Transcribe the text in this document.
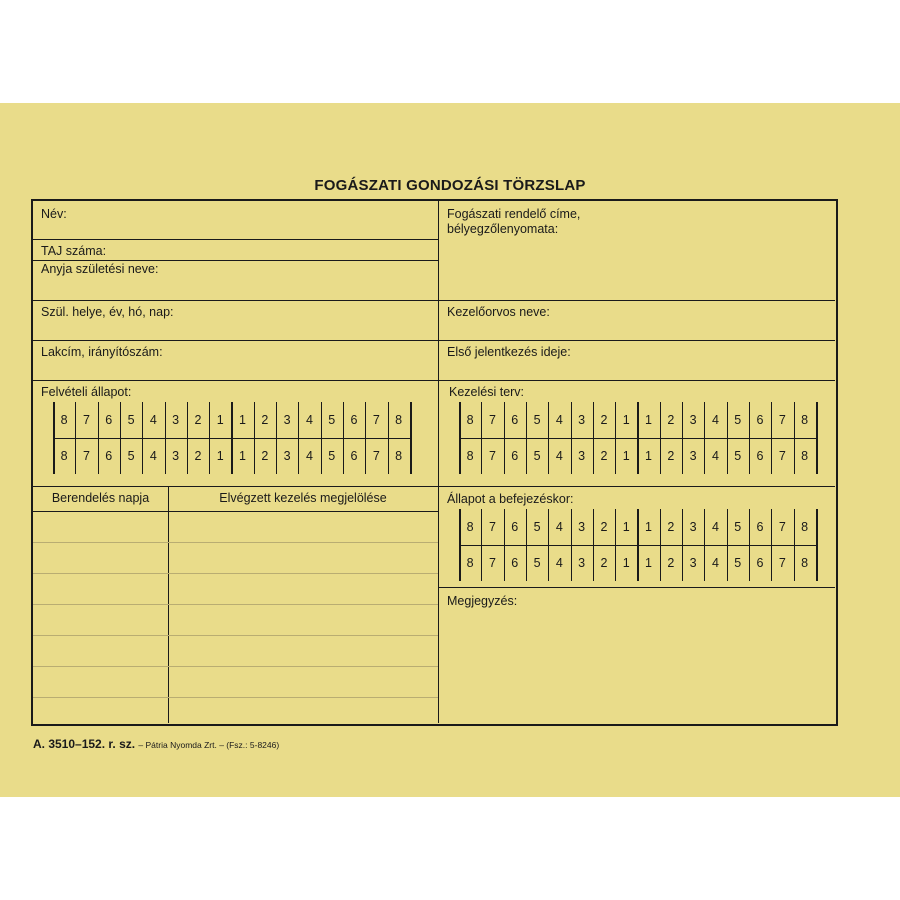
FOGÁSZATI GONDOZÁSI TÖRZSLAP
Név:
TAJ száma:
Anyja születési neve:
Szül. helye, év, hó, nap:
Lakcím, irányítószám:
Felvételi állapot:
Fogászati rendelő címe,
bélyegzőlenyomata:
Kezelőorvos neve:
Első jelentkezés ideje:
Kezelési terv:
Állapot a befejezéskor:
Megjegyzés:
Berendelés napja	Elvégzett kezelés megjelölése
8	7	6	5	4	3	2	1	1	2	3	4	5	6	7	8
8	7	6	5	4	3	2	1	1	2	3	4	5	6	7	8
8	7	6	5	4	3	2	1	1	2	3	4	5	6	7	8
8	7	6	5	4	3	2	1	1	2	3	4	5	6	7	8
8	7	6	5	4	3	2	1	1	2	3	4	5	6	7	8
8	7	6	5	4	3	2	1	1	2	3	4	5	6	7	8
A. 3510–152. r. sz. – Pátria Nyomda Zrt. – (Fsz.: 5-8246)
